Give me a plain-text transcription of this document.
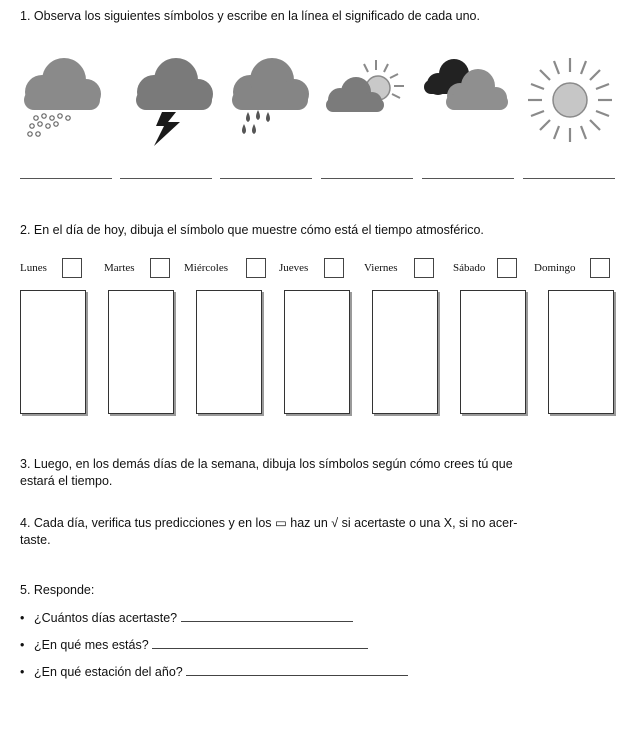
1. Observa los siguientes símbolos y escribe en la línea el significado de cada uno.
2. En el día de hoy, dibuja el símbolo que muestre cómo está el tiempo atmosférico.
Lunes	Martes	Miércoles	Jueves	Viernes	Sábado	Domingo
3. Luego, en los demás días de la semana, dibuja los símbolos según cómo crees tú que
estará el tiempo.
4. Cada día, verifica tus predicciones y en los ▭ haz un √ si acertaste o una X, si no acer-
taste.
5. Responde:
• ¿Cuántos días acertaste?
• ¿En qué mes estás?
• ¿En qué estación del año?
